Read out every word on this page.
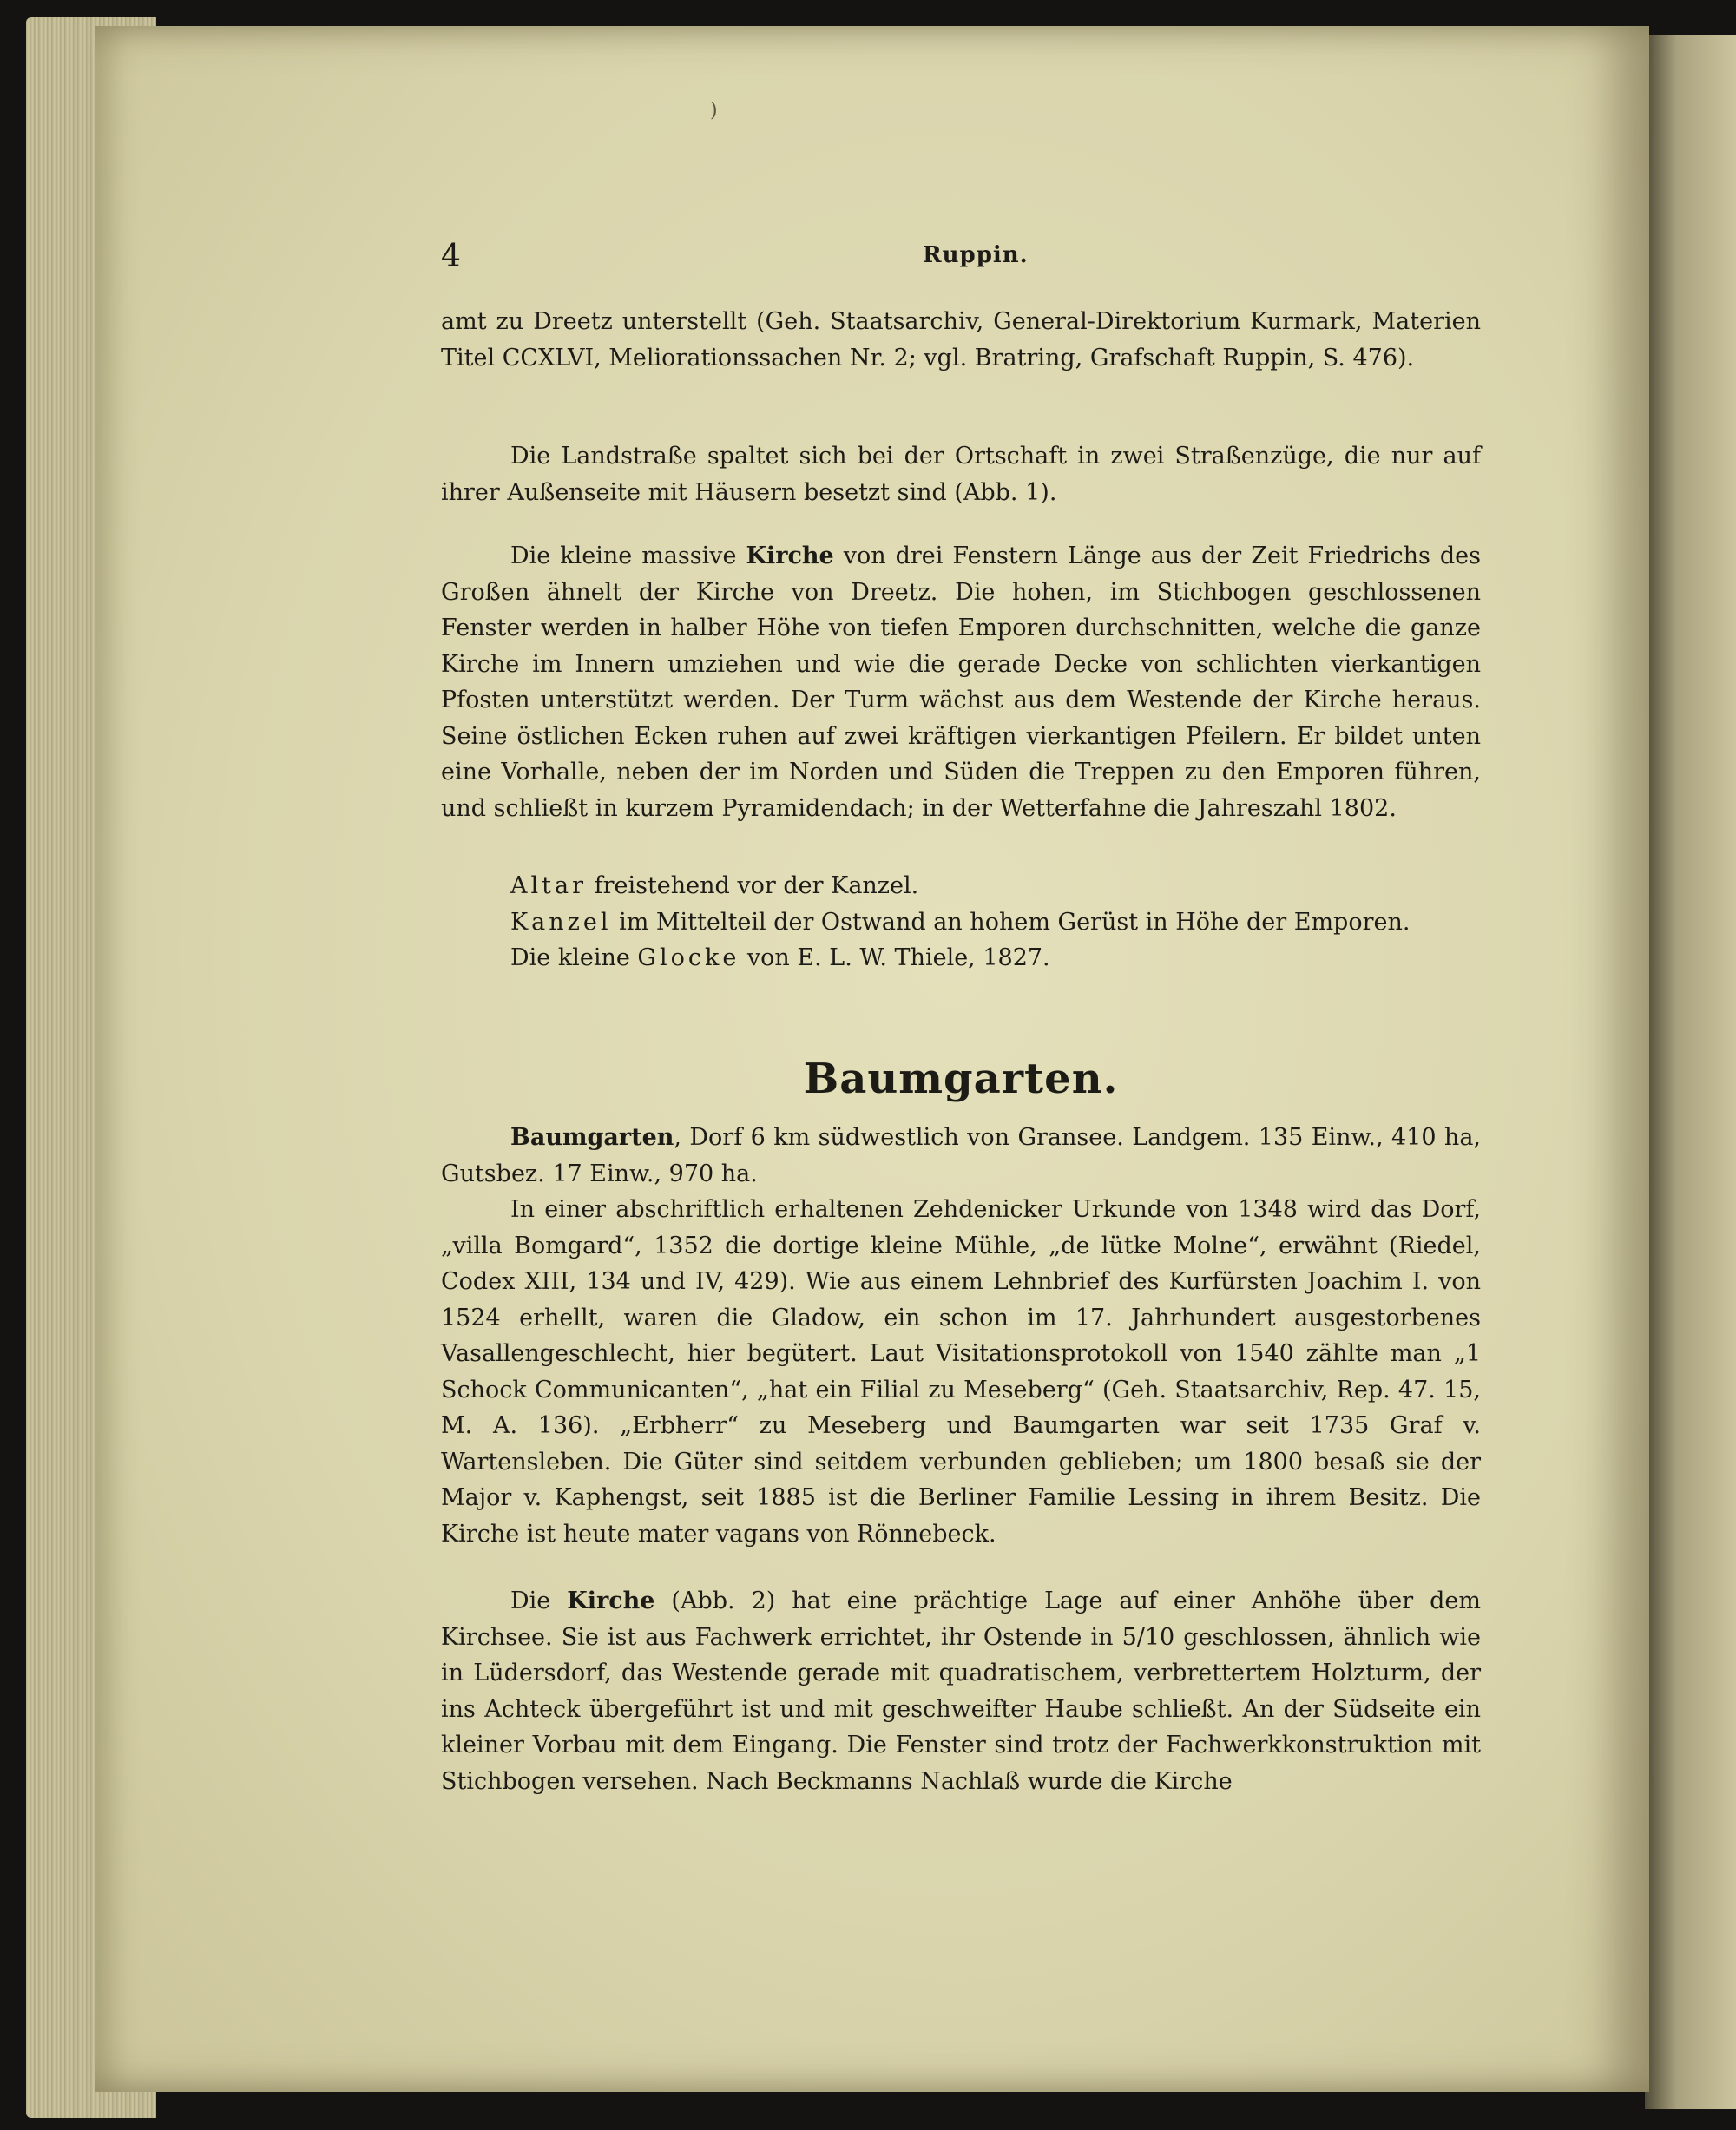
)
4	Ruppin.

amt zu Dreetz unterstellt (Geh. Staatsarchiv, General-Direktorium Kurmark, Materien Titel CCXLVI, Meliorationssachen Nr. 2; vgl. Bratring, Grafschaft Ruppin, S. 476).

Die Landstraße spaltet sich bei der Ortschaft in zwei Straßenzüge, die nur auf ihrer Außenseite mit Häusern besetzt sind (Abb. 1).

Die kleine massive Kirche von drei Fenstern Länge aus der Zeit Friedrichs des Großen ähnelt der Kirche von Dreetz. Die hohen, im Stichbogen geschlossenen Fenster werden in halber Höhe von tiefen Emporen durchschnitten, welche die ganze Kirche im Innern umziehen und wie die gerade Decke von schlichten vierkantigen Pfosten unterstützt werden. Der Turm wächst aus dem Westende der Kirche heraus. Seine östlichen Ecken ruhen auf zwei kräftigen vierkantigen Pfeilern. Er bildet unten eine Vorhalle, neben der im Norden und Süden die Treppen zu den Emporen führen, und schließt in kurzem Pyramidendach; in der Wetterfahne die Jahreszahl 1802.

Altar freistehend vor der Kanzel.

Kanzel im Mittelteil der Ostwand an hohem Gerüst in Höhe der Emporen.

Die kleine Glocke von E. L. W. Thiele, 1827.

Baumgarten.

Baumgarten, Dorf 6 km südwestlich von Gransee. Landgem. 135 Einw., 410 ha, Gutsbez. 17 Einw., 970 ha.

In einer abschriftlich erhaltenen Zehdenicker Urkunde von 1348 wird das Dorf, „villa Bomgard“, 1352 die dortige kleine Mühle, „de lütke Molne“, erwähnt (Riedel, Codex XIII, 134 und IV, 429). Wie aus einem Lehnbrief des Kurfürsten Joachim I. von 1524 erhellt, waren die Gladow, ein schon im 17. Jahrhundert ausgestorbenes Vasallengeschlecht, hier begütert. Laut Visitationsprotokoll von 1540 zählte man „1 Schock Communicanten“, „hat ein Filial zu Meseberg“ (Geh. Staatsarchiv, Rep. 47. 15, M. A. 136). „Erbherr“ zu Meseberg und Baumgarten war seit 1735 Graf v. Wartensleben. Die Güter sind seitdem verbunden geblieben; um 1800 besaß sie der Major v. Kaphengst, seit 1885 ist die Berliner Familie Lessing in ihrem Besitz. Die Kirche ist heute mater vagans von Rönnebeck.

Die Kirche (Abb. 2) hat eine prächtige Lage auf einer Anhöhe über dem Kirchsee. Sie ist aus Fachwerk errichtet, ihr Ostende in 5/10 geschlossen, ähnlich wie in Lüdersdorf, das Westende gerade mit quadratischem, verbrettertem Holzturm, der ins Achteck übergeführt ist und mit geschweifter Haube schließt. An der Südseite ein kleiner Vorbau mit dem Eingang. Die Fenster sind trotz der Fachwerkkonstruktion mit Stichbogen versehen. Nach Beckmanns Nachlaß wurde die Kirche
